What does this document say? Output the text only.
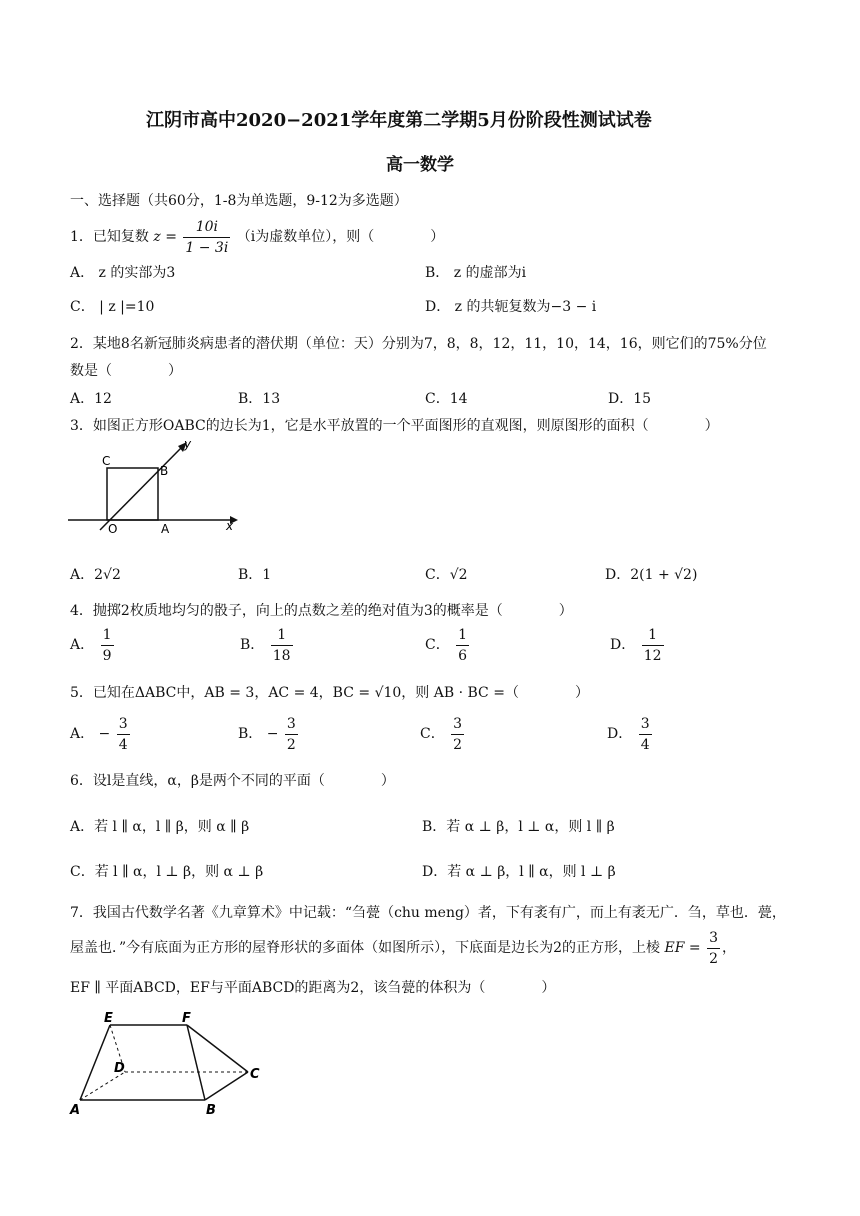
江阴市高中2020−2021学年度第二学期5月份阶段性测试试卷
高一数学
一、选择题（共60分，1-8为单选题，9-12为多选题）
1．已知复数 $z = \frac{10i}{1 - 3i} (i$为虚数单位），则（　　　　）
A． z 的实部为3	B． z 的虚部为i
C． | z |=10	D． z 的共轭复数为−3 − i
2．某地8名新冠肺炎病患者的潜伏期（单位：天）分别为7，8，8，12，11，10，14，16，则它们的75%分位
数是（　　　　）
A．12	B．13	C．14	D．15
3．如图正方形OABC的边长为1，它是水平放置的一个平面图形的直观图，则原图形的面积（　　　　）
y
x
C
B
O	A
A．2√2	B．1	C．√2	D．2(1 + √2)
4．抛掷2枚质地均匀的骰子，向上的点数之差的绝对值为3的概率是（　　　　）
A． $\frac{1}{9}$	B． $\frac{1}{18}$	C． $\frac{1}{6}$	D． $\frac{1}{12}$
5．已知在ΔABC中，AB = 3，AC = 4，BC = √10，则 AB · BC =（　　　　）
A． − $\frac{3}{4}$	B． − $\frac{3}{2}$	C． $\frac{3}{2}$	D． $\frac{3}{4}$
6．设l是直线，α，β是两个不同的平面（　　　　）
A．若 l ∥ α，l ∥ β，则 α ∥ β	B．若 α ⊥ β，l ⊥ α，则 l ∥ β
C．若 l ∥ α，l ⊥ β，则 α ⊥ β	D．若 α ⊥ β，l ∥ α，则 l ⊥ β
7．我国古代数学名著《九章算术》中记载：“刍甍（chu meng）者，下有袤有广，而上有袤无广．刍，草也．甍，
屋盖也．”今有底面为正方形的屋脊形状的多面体（如图所示），下底面是边长为2的正方形，上棱 EF = $\frac{3}{2}$ ，
EF ∥ 平面ABCD，EF与平面ABCD的距离为2，该刍甍的体积为（　　　　）
E	F
D	C
A	B
